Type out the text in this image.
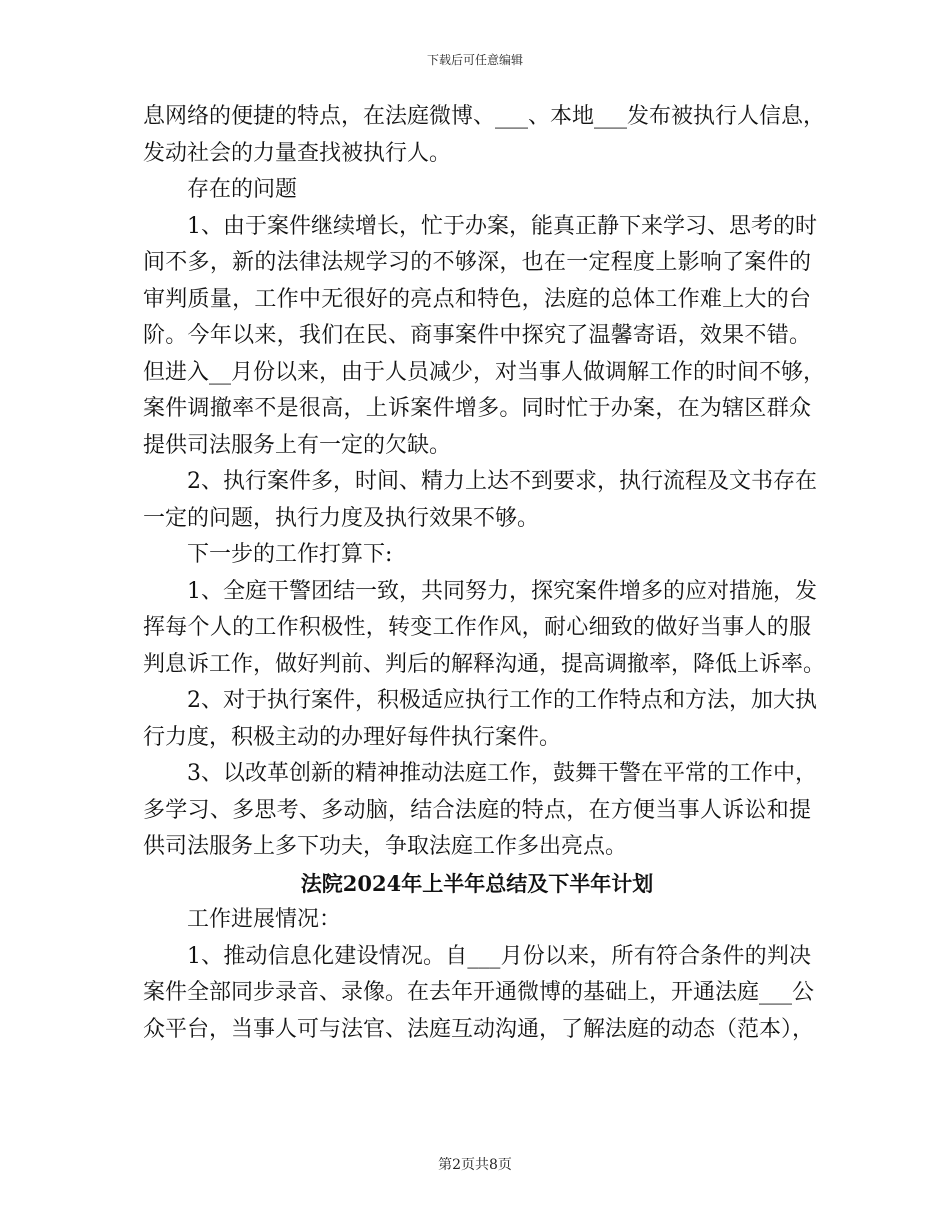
下载后可任意编辑
息网络的便捷的特点，在法庭微博、___、本地___发布被执行人信息，
发动社会的力量查找被执行人。
存在的问题
1、由于案件继续增长，忙于办案，能真正静下来学习、思考的时
间不多，新的法律法规学习的不够深，也在一定程度上影响了案件的
审判质量，工作中无很好的亮点和特色，法庭的总体工作难上大的台
阶。今年以来，我们在民、商事案件中探究了温馨寄语，效果不错。
但进入__月份以来，由于人员减少，对当事人做调解工作的时间不够，
案件调撤率不是很高，上诉案件增多。同时忙于办案，在为辖区群众
提供司法服务上有一定的欠缺。
2、执行案件多，时间、精力上达不到要求，执行流程及文书存在
一定的问题，执行力度及执行效果不够。
下一步的工作打算下:
1、全庭干警团结一致，共同努力，探究案件增多的应对措施，发
挥每个人的工作积极性，转变工作作风，耐心细致的做好当事人的服
判息诉工作，做好判前、判后的解释沟通，提高调撤率，降低上诉率。
2、对于执行案件，积极适应执行工作的工作特点和方法，加大执
行力度，积极主动的办理好每件执行案件。
3、以改革创新的精神推动法庭工作，鼓舞干警在平常的工作中，
多学习、多思考、多动脑，结合法庭的特点，在方便当事人诉讼和提
供司法服务上多下功夫，争取法庭工作多出亮点。
法院2024年上半年总结及下半年计划
工作进展情况：
1、推动信息化建设情况。自___月份以来，所有符合条件的判决
案件全部同步录音、录像。在去年开通微博的基础上，开通法庭___公
众平台，当事人可与法官、法庭互动沟通，了解法庭的动态（范本），
第2页共8页
